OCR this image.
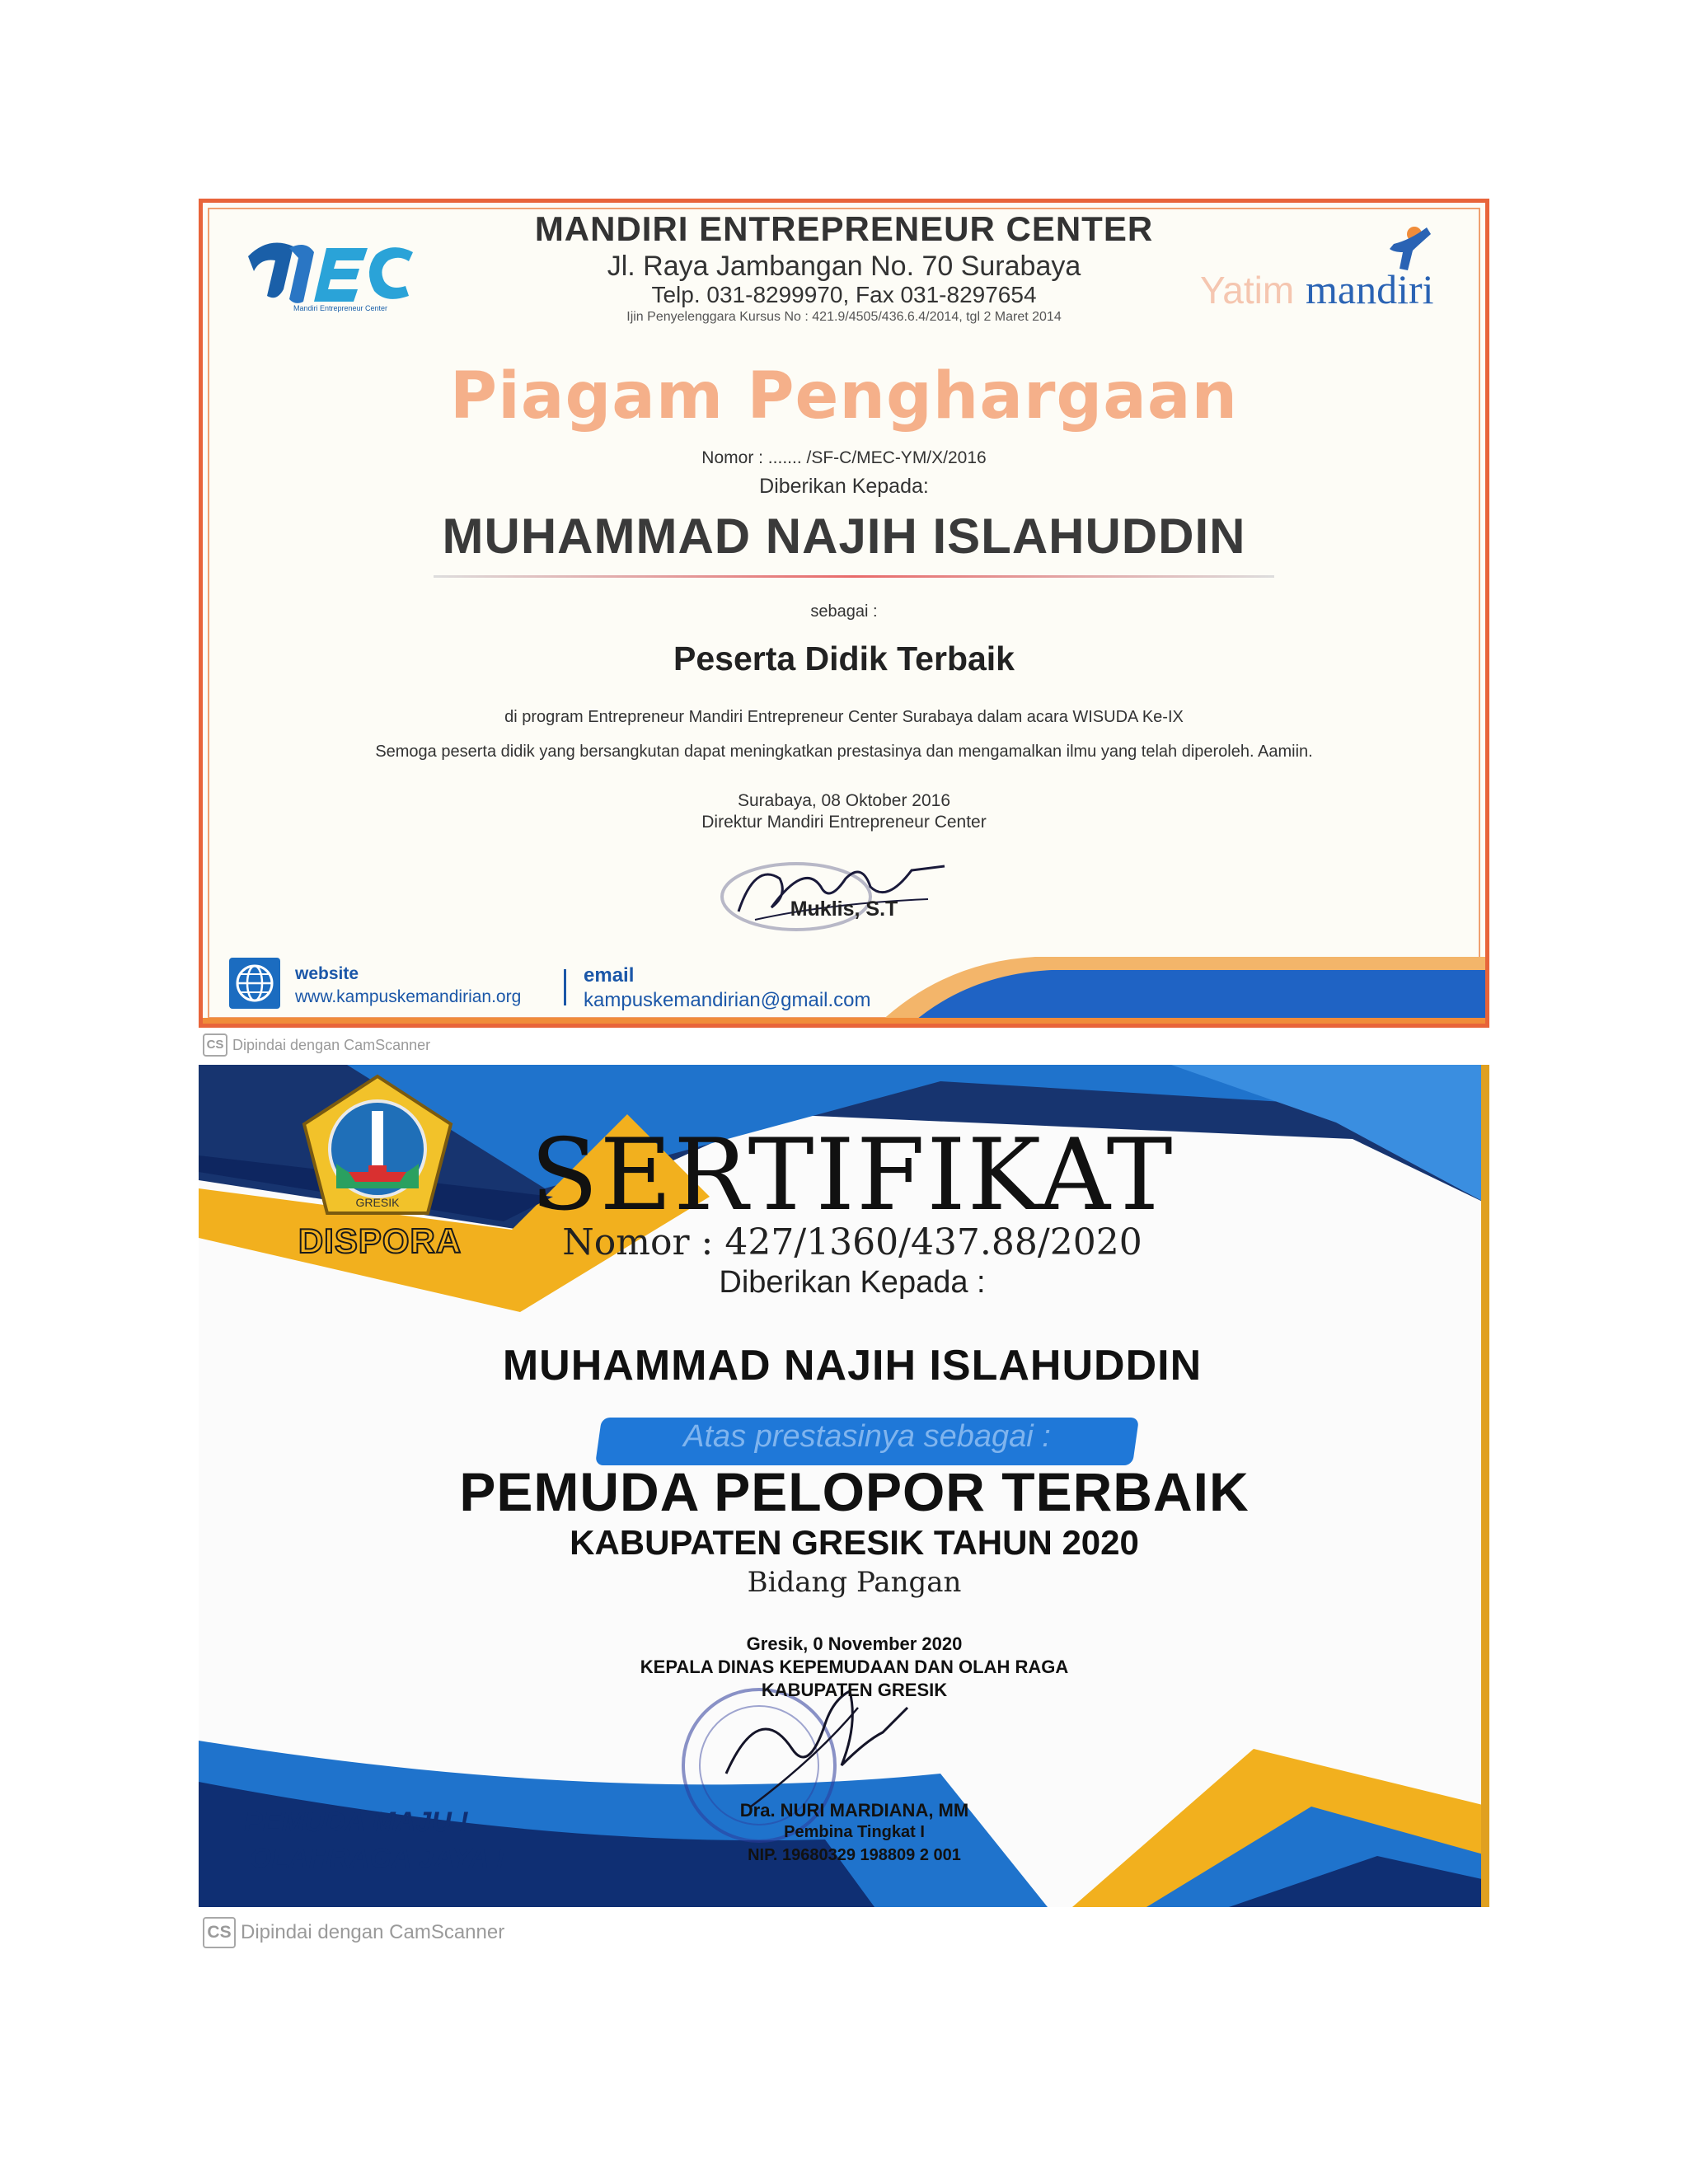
Mandiri Entrepreneur Center	Yatim mandiri
MANDIRI ENTREPRENEUR CENTER
Jl. Raya Jambangan No. 70 Surabaya
Telp. 031-8299970, Fax 031-8297654
Ijin Penyelenggara Kursus No : 421.9/4505/436.6.4/2014, tgl 2 Maret 2014
Piagam Penghargaan
Nomor : ....... /SF-C/MEC-YM/X/2016
Diberikan Kepada:
MUHAMMAD NAJIH ISLAHUDDIN
sebagai :
Peserta Didik Terbaik
di program Entrepreneur Mandiri Entrepreneur Center Surabaya dalam acara WISUDA Ke-IX
Semoga peserta didik yang bersangkutan dapat meningkatkan prestasinya dan mengamalkan ilmu yang telah diperoleh. Aamiin.
Surabaya, 08 Oktober 2016
Direktur Mandiri Entrepreneur Center
Muklis, S.T
website
www.kampuskemandirian.org
email
kampuskemandirian@gmail.com
CS Dipindai dengan CamScanner
GRESIK
DISPORA
SERTIFIKAT
Nomor : 427/1360/437.88/2020
Diberikan Kepada :
MUHAMMAD NAJIH ISLAHUDDIN
Atas prestasinya sebagai :
PEMUDA PELOPOR TERBAIK
KABUPATEN GRESIK TAHUN 2020
Bidang Pangan
Gresik, 0 November 2020
KEPALA DINAS KEPEMUDAAN DAN OLAH RAGA
KABUPATEN GRESIK
Dra. NURI MARDIANA, MM
Pembina Tingkat I
NIP. 19680329 198809 2 001
PEMUDA MAJU !
OLAHRAGA JAYA !
CS Dipindai dengan CamScanner
